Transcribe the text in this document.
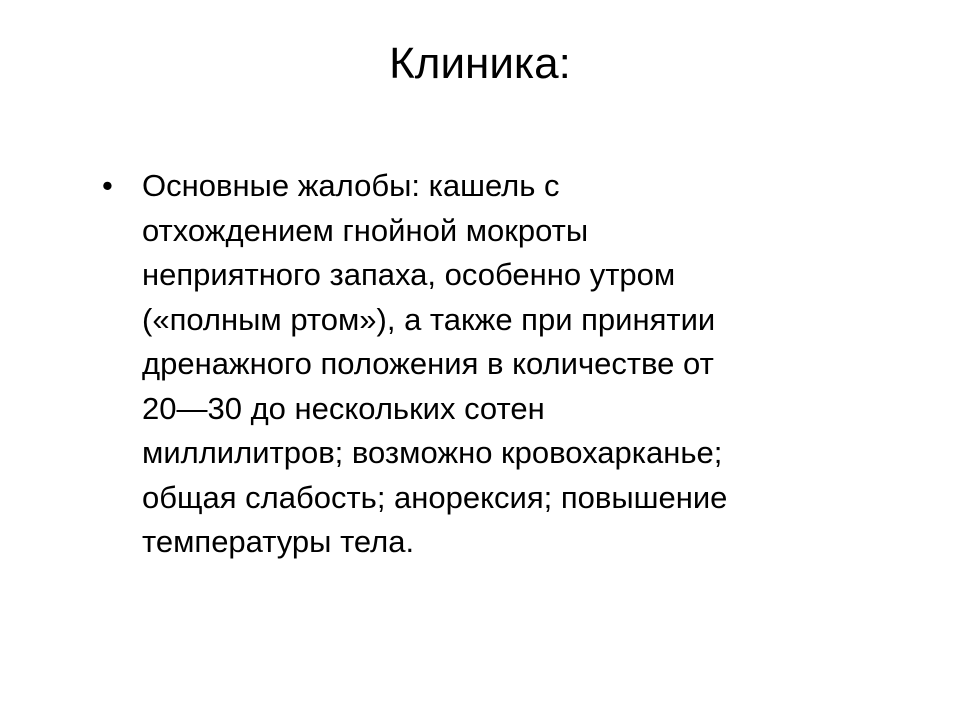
Клиника:
• Основные жалобы: кашель с
отхождением гнойной мокроты
неприятного запаха, особенно утром
(«полным ртом»), а также при принятии
дренажного положения в количестве от
20—30 до нескольких сотен
миллилитров; возможно кровохарканье;
общая слабость; анорексия; повышение
температуры тела.
